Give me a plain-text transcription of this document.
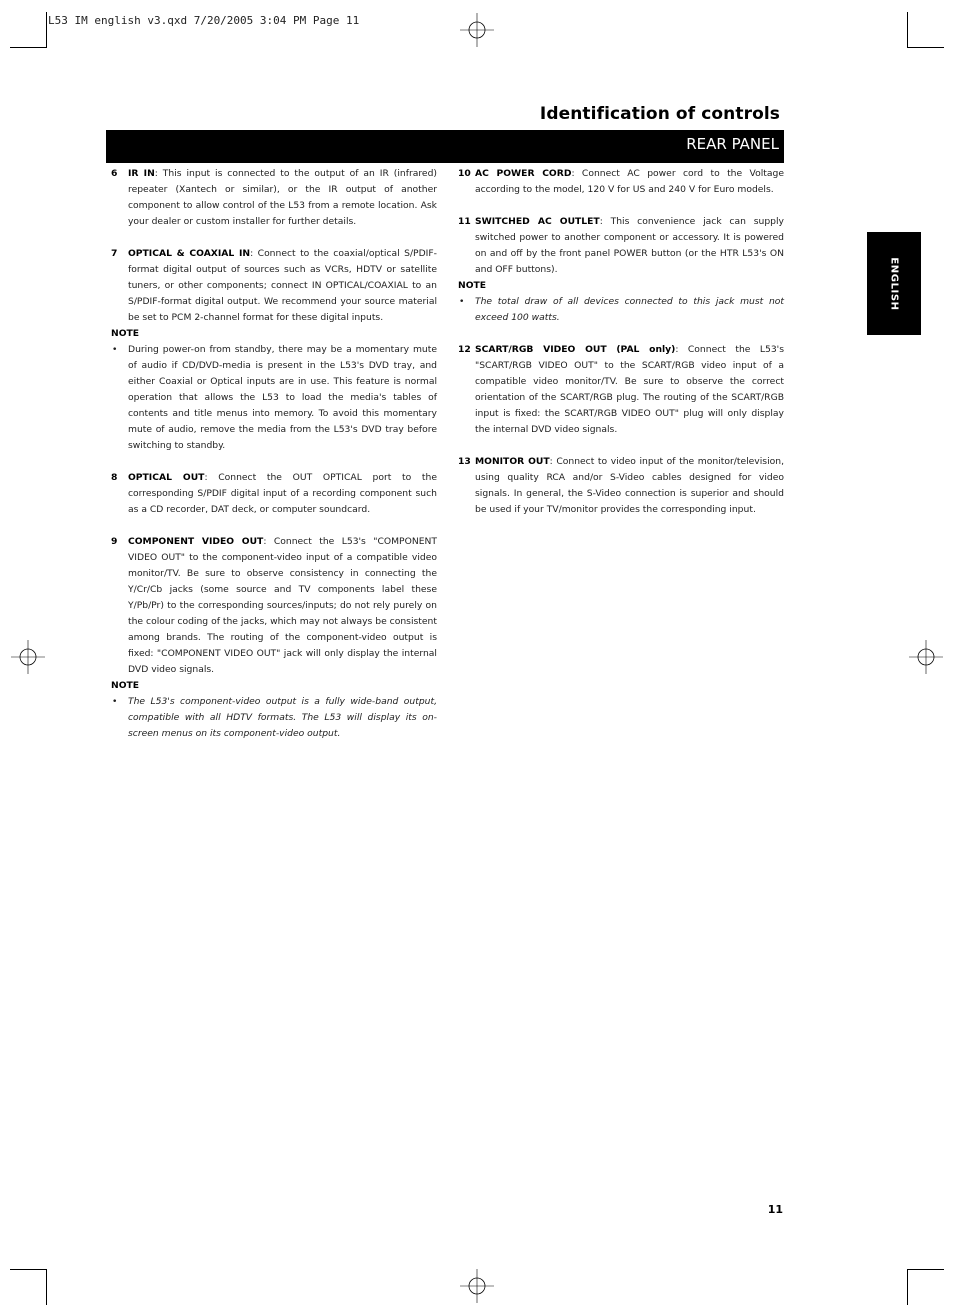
L53 IM english v3.qxd 7/20/2005 3:04 PM Page 11
Identification of controls
REAR PANEL
ENGLISH
6 IR IN: This input is connected to the output of an IR (infrared) repeater (Xantech or similar), or the IR output of another component to allow control of the L53 from a remote location. Ask your dealer or custom installer for further details.
7 OPTICAL & COAXIAL IN: Connect to the coaxial/optical S/PDIF-format digital output of sources such as VCRs, HDTV or satellite tuners, or other components; connect IN OPTICAL/COAXIAL to an S/PDIF-format digital output. We recommend your source material be set to PCM 2-channel format for these digital inputs.
NOTE
• During power-on from standby, there may be a momentary mute of audio if CD/DVD-media is present in the L53's DVD tray, and either Coaxial or Optical inputs are in use. This feature is normal operation that allows the L53 to load the media's tables of contents and title menus into memory. To avoid this momentary mute of audio, remove the media from the L53's DVD tray before switching to standby.
8 OPTICAL OUT: Connect the OUT OPTICAL port to the corresponding S/PDIF digital input of a recording component such as a CD recorder, DAT deck, or computer soundcard.
9 COMPONENT VIDEO OUT: Connect the L53's "COMPONENT VIDEO OUT" to the component-video input of a compatible video monitor/TV. Be sure to observe consistency in connecting the Y/Cr/Cb jacks (some source and TV components label these Y/Pb/Pr) to the corresponding sources/inputs; do not rely purely on the colour coding of the jacks, which may not always be consistent among brands. The routing of the component-video output is fixed: "COMPONENT VIDEO OUT" jack will only display the internal DVD video signals.
NOTE
• The L53's component-video output is a fully wide-band output, compatible with all HDTV formats. The L53 will display its on- screen menus on its component-video output.
10 AC POWER CORD: Connect AC power cord to the Voltage according to the model, 120 V for US and 240 V for Euro models.
11 SWITCHED AC OUTLET: This convenience jack can supply switched power to another component or accessory. It is powered on and off by the front panel POWER button (or the HTR L53's ON and OFF buttons).
NOTE
• The total draw of all devices connected to this jack must not exceed 100 watts.
12 SCART/RGB VIDEO OUT (PAL only): Connect the L53's "SCART/RGB VIDEO OUT" to the SCART/RGB video input of a compatible video monitor/TV. Be sure to observe the correct orientation of the SCART/RGB plug. The routing of the SCART/RGB input is fixed: the SCART/RGB VIDEO OUT" plug will only display the internal DVD video signals.
13 MONITOR OUT: Connect to video input of the monitor/television, using quality RCA and/or S-Video cables designed for video signals. In general, the S-Video connection is superior and should be used if your TV/monitor provides the corresponding input.
11
